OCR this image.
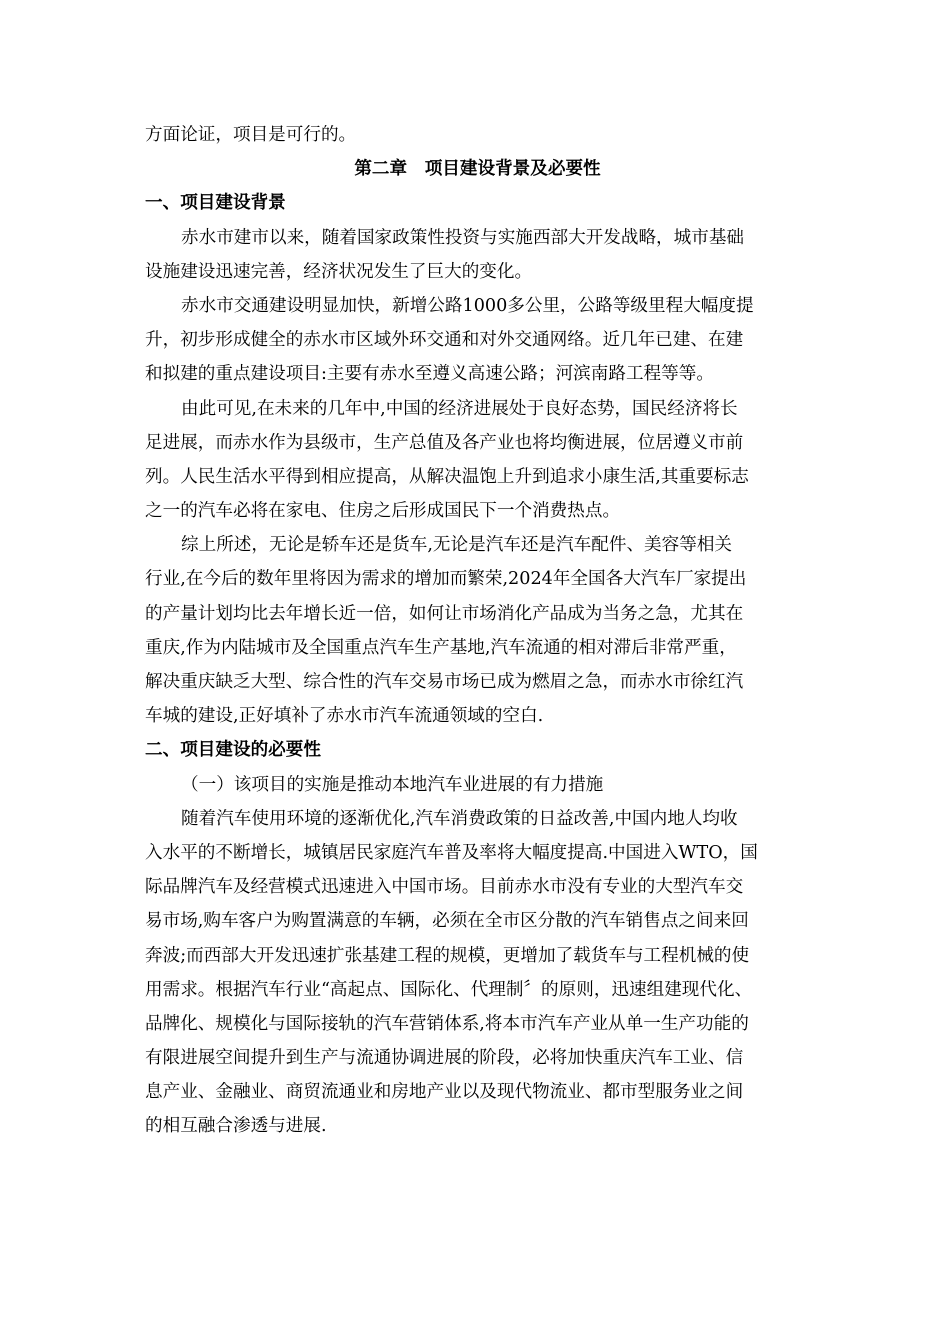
方面论证，项目是可行的。
第二章　项目建设背景及必要性
一、项目建设背景
赤水市建市以来，随着国家政策性投资与实施西部大开发战略，城市基础
设施建设迅速完善，经济状况发生了巨大的变化。
赤水市交通建设明显加快，新增公路1000多公里，公路等级里程大幅度提
升，初步形成健全的赤水市区域外环交通和对外交通网络。近几年已建、在建
和拟建的重点建设项目:主要有赤水至遵义高速公路；河滨南路工程等等。
由此可见,在未来的几年中,中国的经济进展处于良好态势，国民经济将长
足进展，而赤水作为县级市，生产总值及各产业也将均衡进展，位居遵义市前
列。人民生活水平得到相应提高，从解决温饱上升到追求小康生活,其重要标志
之一的汽车必将在家电、住房之后形成国民下一个消费热点。
综上所述，无论是轿车还是货车,无论是汽车还是汽车配件、美容等相关
行业,在今后的数年里将因为需求的增加而繁荣,2024年全国各大汽车厂家提出
的产量计划均比去年增长近一倍，如何让市场消化产品成为当务之急，尤其在
重庆,作为内陆城市及全国重点汽车生产基地,汽车流通的相对滞后非常严重，
解决重庆缺乏大型、综合性的汽车交易市场已成为燃眉之急，而赤水市徐红汽
车城的建设,正好填补了赤水市汽车流通领域的空白.
二、项目建设的必要性
（一）该项目的实施是推动本地汽车业进展的有力措施
随着汽车使用环境的逐渐优化,汽车消费政策的日益改善,中国内地人均收
入水平的不断增长，城镇居民家庭汽车普及率将大幅度提高.中国进入WTO，国
际品牌汽车及经营模式迅速进入中国市场。目前赤水市没有专业的大型汽车交
易市场,购车客户为购置满意的车辆，必须在全市区分散的汽车销售点之间来回
奔波;而西部大开发迅速扩张基建工程的规模，更增加了载货车与工程机械的使
用需求。根据汽车行业“高起点、国际化、代理制〞的原则，迅速组建现代化、
品牌化、规模化与国际接轨的汽车营销体系,将本市汽车产业从单一生产功能的
有限进展空间提升到生产与流通协调进展的阶段，必将加快重庆汽车工业、信
息产业、金融业、商贸流通业和房地产业以及现代物流业、都市型服务业之间
的相互融合渗透与进展.
